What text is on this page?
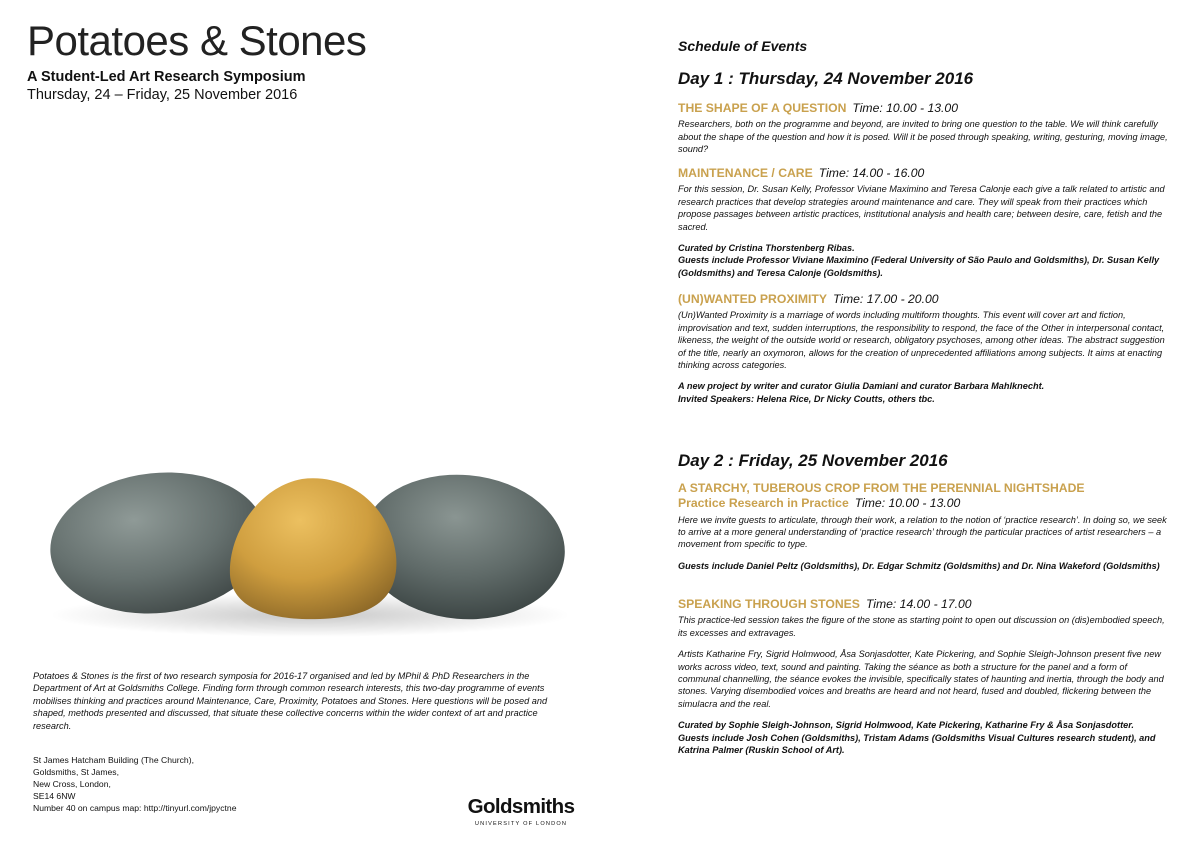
Potatoes & Stones
A Student-Led Art Research Symposium
Thursday, 24 – Friday, 25 November 2016

Potatoes & Stones is the first of two research symposia for 2016-17 organised and led by MPhil & PhD Researchers in the Department of Art at Goldsmiths College. Finding form through common research interests, this two-day programme of events mobilises thinking and practices around Maintenance, Care, Proximity, Potatoes and Stones. Here questions will be posed and shaped, methods presented and discussed, that situate these collective concerns within the wider context of art and practice research.

St James Hatcham Building (The Church),
Goldsmiths, St James,
New Cross, London,
SE14 6NW
Number 40 on campus map: http://tinyurl.com/jpyctne	Goldsmiths
UNIVERSITY OF LONDON
Schedule of Events
Day 1 : Thursday, 24 November 2016
THE SHAPE OF A QUESTION Time: 10.00 - 13.00

Researchers, both on the programme and beyond, are invited to bring one question to the table. We will think carefully about the shape of the question and how it is posed. Will it be posed through speaking, writing, gesturing, moving image, sound?

MAINTENANCE / CARE Time: 14.00 - 16.00

For this session, Dr. Susan Kelly, Professor Viviane Maximino and Teresa Calonje each give a talk related to artistic and research practices that develop strategies around maintenance and care. They will speak from their practices which propose passages between artistic practices, institutional analysis and health care; between desire, care, fetish and the sacred.

Curated by Cristina Thorstenberg Ribas.
Guests include Professor Viviane Maximino (Federal University of São Paulo and Goldsmiths), Dr. Susan Kelly (Goldsmiths) and Teresa Calonje (Goldsmiths).
(UN)WANTED PROXIMITY Time: 17.00 - 20.00

(Un)Wanted Proximity is a marriage of words including multiform thoughts. This event will cover art and fiction, improvisation and text, sudden interruptions, the responsibility to respond, the face of the Other in interpersonal contact, likeness, the weight of the outside world or research, obligatory psychoses, among other ideas. The abstract suggestion of the title, nearly an oxymoron, allows for the creation of unprecedented affiliations among subjects. It aims at enacting thinking across categories.

A new project by writer and curator Giulia Damiani and curator Barbara Mahlknecht.
Invited Speakers: Helena Rice, Dr Nicky Coutts, others tbc.
Day 2 : Friday, 25 November 2016
A STARCHY, TUBEROUS CROP FROM THE PERENNIAL NIGHTSHADE
Practice Research in Practice Time: 10.00 - 13.00

Here we invite guests to articulate, through their work, a relation to the notion of ‘practice research’. In doing so, we seek to arrive at a more general understanding of ‘practice research’ through the particular practices of artist researchers – a movement from specific to type.

Guests include Daniel Peltz (Goldsmiths), Dr. Edgar Schmitz (Goldsmiths) and Dr. Nina Wakeford (Goldsmiths)
SPEAKING THROUGH STONES Time: 14.00 - 17.00

This practice-led session takes the figure of the stone as starting point to open out discussion on (dis)embodied speech, its excesses and extravages.

Artists Katharine Fry, Sigrid Holmwood, Åsa Sonjasdotter, Kate Pickering, and Sophie Sleigh-Johnson present five new works across video, text, sound and painting. Taking the séance as both a structure for the panel and a form of communal channelling, the séance evokes the invisible, specifically states of haunting and inertia, through the body and stones. Varying disembodied voices and breaths are heard and not heard, fused and doubled, flickering between the simulacra and the real.

Curated by Sophie Sleigh-Johnson, Sigrid Holmwood, Kate Pickering, Katharine Fry & Åsa Sonjasdotter.
Guests include Josh Cohen (Goldsmiths), Tristam Adams (Goldsmiths Visual Cultures research student), and Katrina Palmer (Ruskin School of Art).
